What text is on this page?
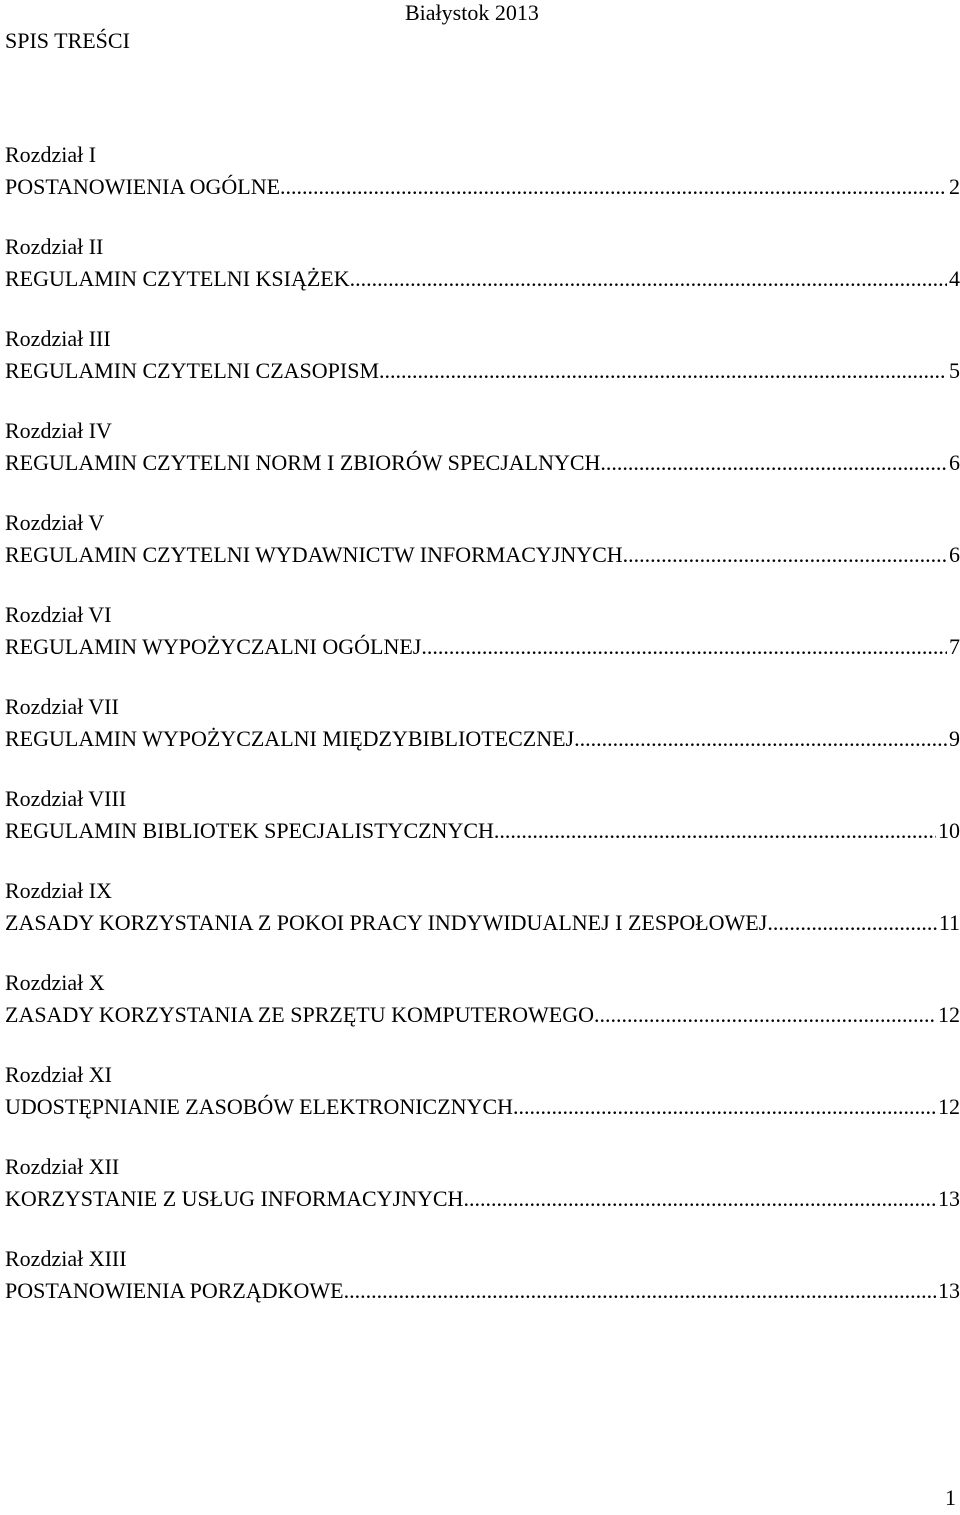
Białystok 2013
SPIS TREŚCI
Rozdział I
POSTANOWIENIA OGÓLNE .....	2
Rozdział II
REGULAMIN CZYTELNI KSIĄŻEK .....	4
Rozdział III
REGULAMIN CZYTELNI CZASOPISM .....	5
Rozdział IV
REGULAMIN CZYTELNI NORM I ZBIORÓW SPECJALNYCH .....	6
Rozdział V
REGULAMIN CZYTELNI WYDAWNICTW INFORMACYJNYCH .....	6
Rozdział VI
REGULAMIN WYPOŻYCZALNI OGÓLNEJ .....	7
Rozdział VII
REGULAMIN WYPOŻYCZALNI MIĘDZYBIBLIOTECZNEJ .....	9
Rozdział VIII
REGULAMIN BIBLIOTEK SPECJALISTYCZNYCH .....	10
Rozdział IX
ZASADY KORZYSTANIA Z POKOI PRACY INDYWIDUALNEJ I ZESPOŁOWEJ .....	11
Rozdział X
ZASADY KORZYSTANIA ZE SPRZĘTU KOMPUTEROWEGO .....	12
Rozdział XI
UDOSTĘPNIANIE ZASOBÓW ELEKTRONICZNYCH .....	12
Rozdział XII
KORZYSTANIE Z USŁUG INFORMACYJNYCH .....	13
Rozdział XIII
POSTANOWIENIA PORZĄDKOWE .....	13
1
